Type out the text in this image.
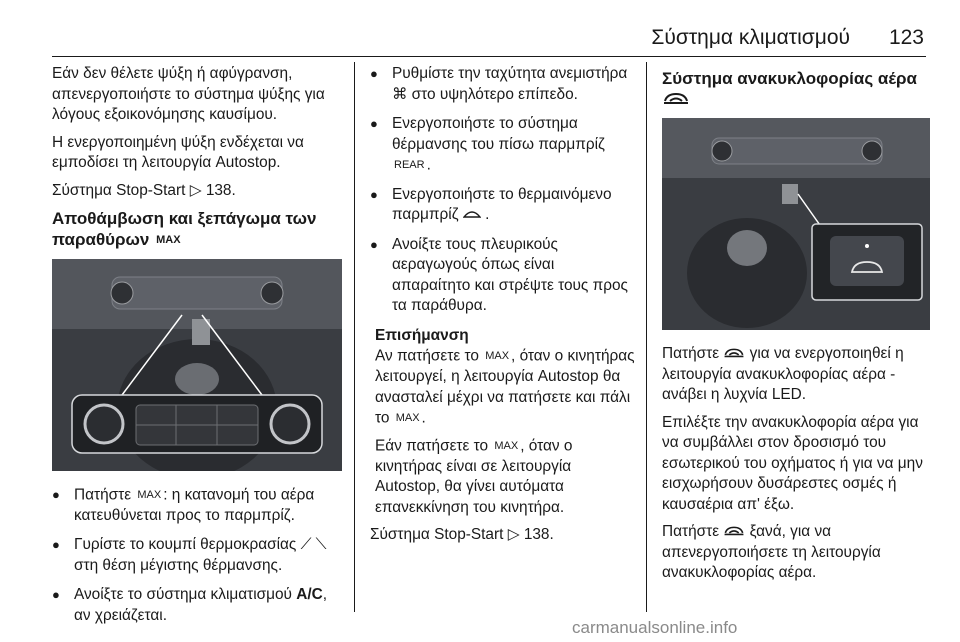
Σύστημα κλιματισμού 123

Εάν δεν θέλετε ψύξη ή αφύγρανση, απενεργοποιήστε το σύστημα ψύξης για λόγους εξοικονόμησης καυσίμου.

Η ενεργοποιημένη ψύξη ενδέχεται να εμποδίσει τη λειτουργία Autostop.

Σύστημα Stop-Start ▷ 138.

Αποθάμβωση και ξεπάγωμα των παραθύρων MAX
● Πατήστε MAX : η κατανομή του αέρα κατευθύνεται προς το παρμπρίζ.
● Γυρίστε το κουμπί θερμοκρασίας ⟋ ⟍ στη θέση μέγιστης θέρμανσης.
● Ανοίξτε το σύστημα κλιματισμού A/C, αν χρειάζεται.
● Ρυθμίστε την ταχύτητα ανεμιστήρα ⌘ στο υψηλότερο επίπεδο.
● Ενεργοποιήστε το σύστημα θέρμανσης του πίσω παρμπρίζ REAR .
● Ενεργοποιήστε το θερμαινόμενο παρμπρίζ .
● Ανοίξτε τους πλευρικούς αεραγωγούς όπως είναι απαραίτητο και στρέψτε τους προς τα παράθυρα.
Επισήμανση

Αν πατήσετε το MAX , όταν ο κινητήρας λειτουργεί, η λειτουργία Autostop θα ανασταλεί μέχρι να πατήσετε και πάλι το MAX .

Εάν πατήσετε το MAX , όταν ο κινητήρας είναι σε λειτουργία Autostop, θα γίνει αυτόματα επανεκκίνηση του κινητήρα.

Σύστημα Stop-Start ▷ 138.

Σύστημα ανακυκλοφορίας αέρα

Πατήστε για να ενεργοποιηθεί η λειτουργία ανακυκλοφορίας αέρα - ανάβει η λυχνία LED.

Επιλέξτε την ανακυκλοφορία αέρα για να συμβάλλει στον δροσισμό του εσωτερικού του οχήματος ή για να μην εισχωρήσουν δυσάρεστες οσμές ή καυσαέρια απ' έξω.

Πατήστε ξανά, για να απενεργοποιήσετε τη λειτουργία ανακυκλοφορίας αέρα.

carmanualsonline.info
